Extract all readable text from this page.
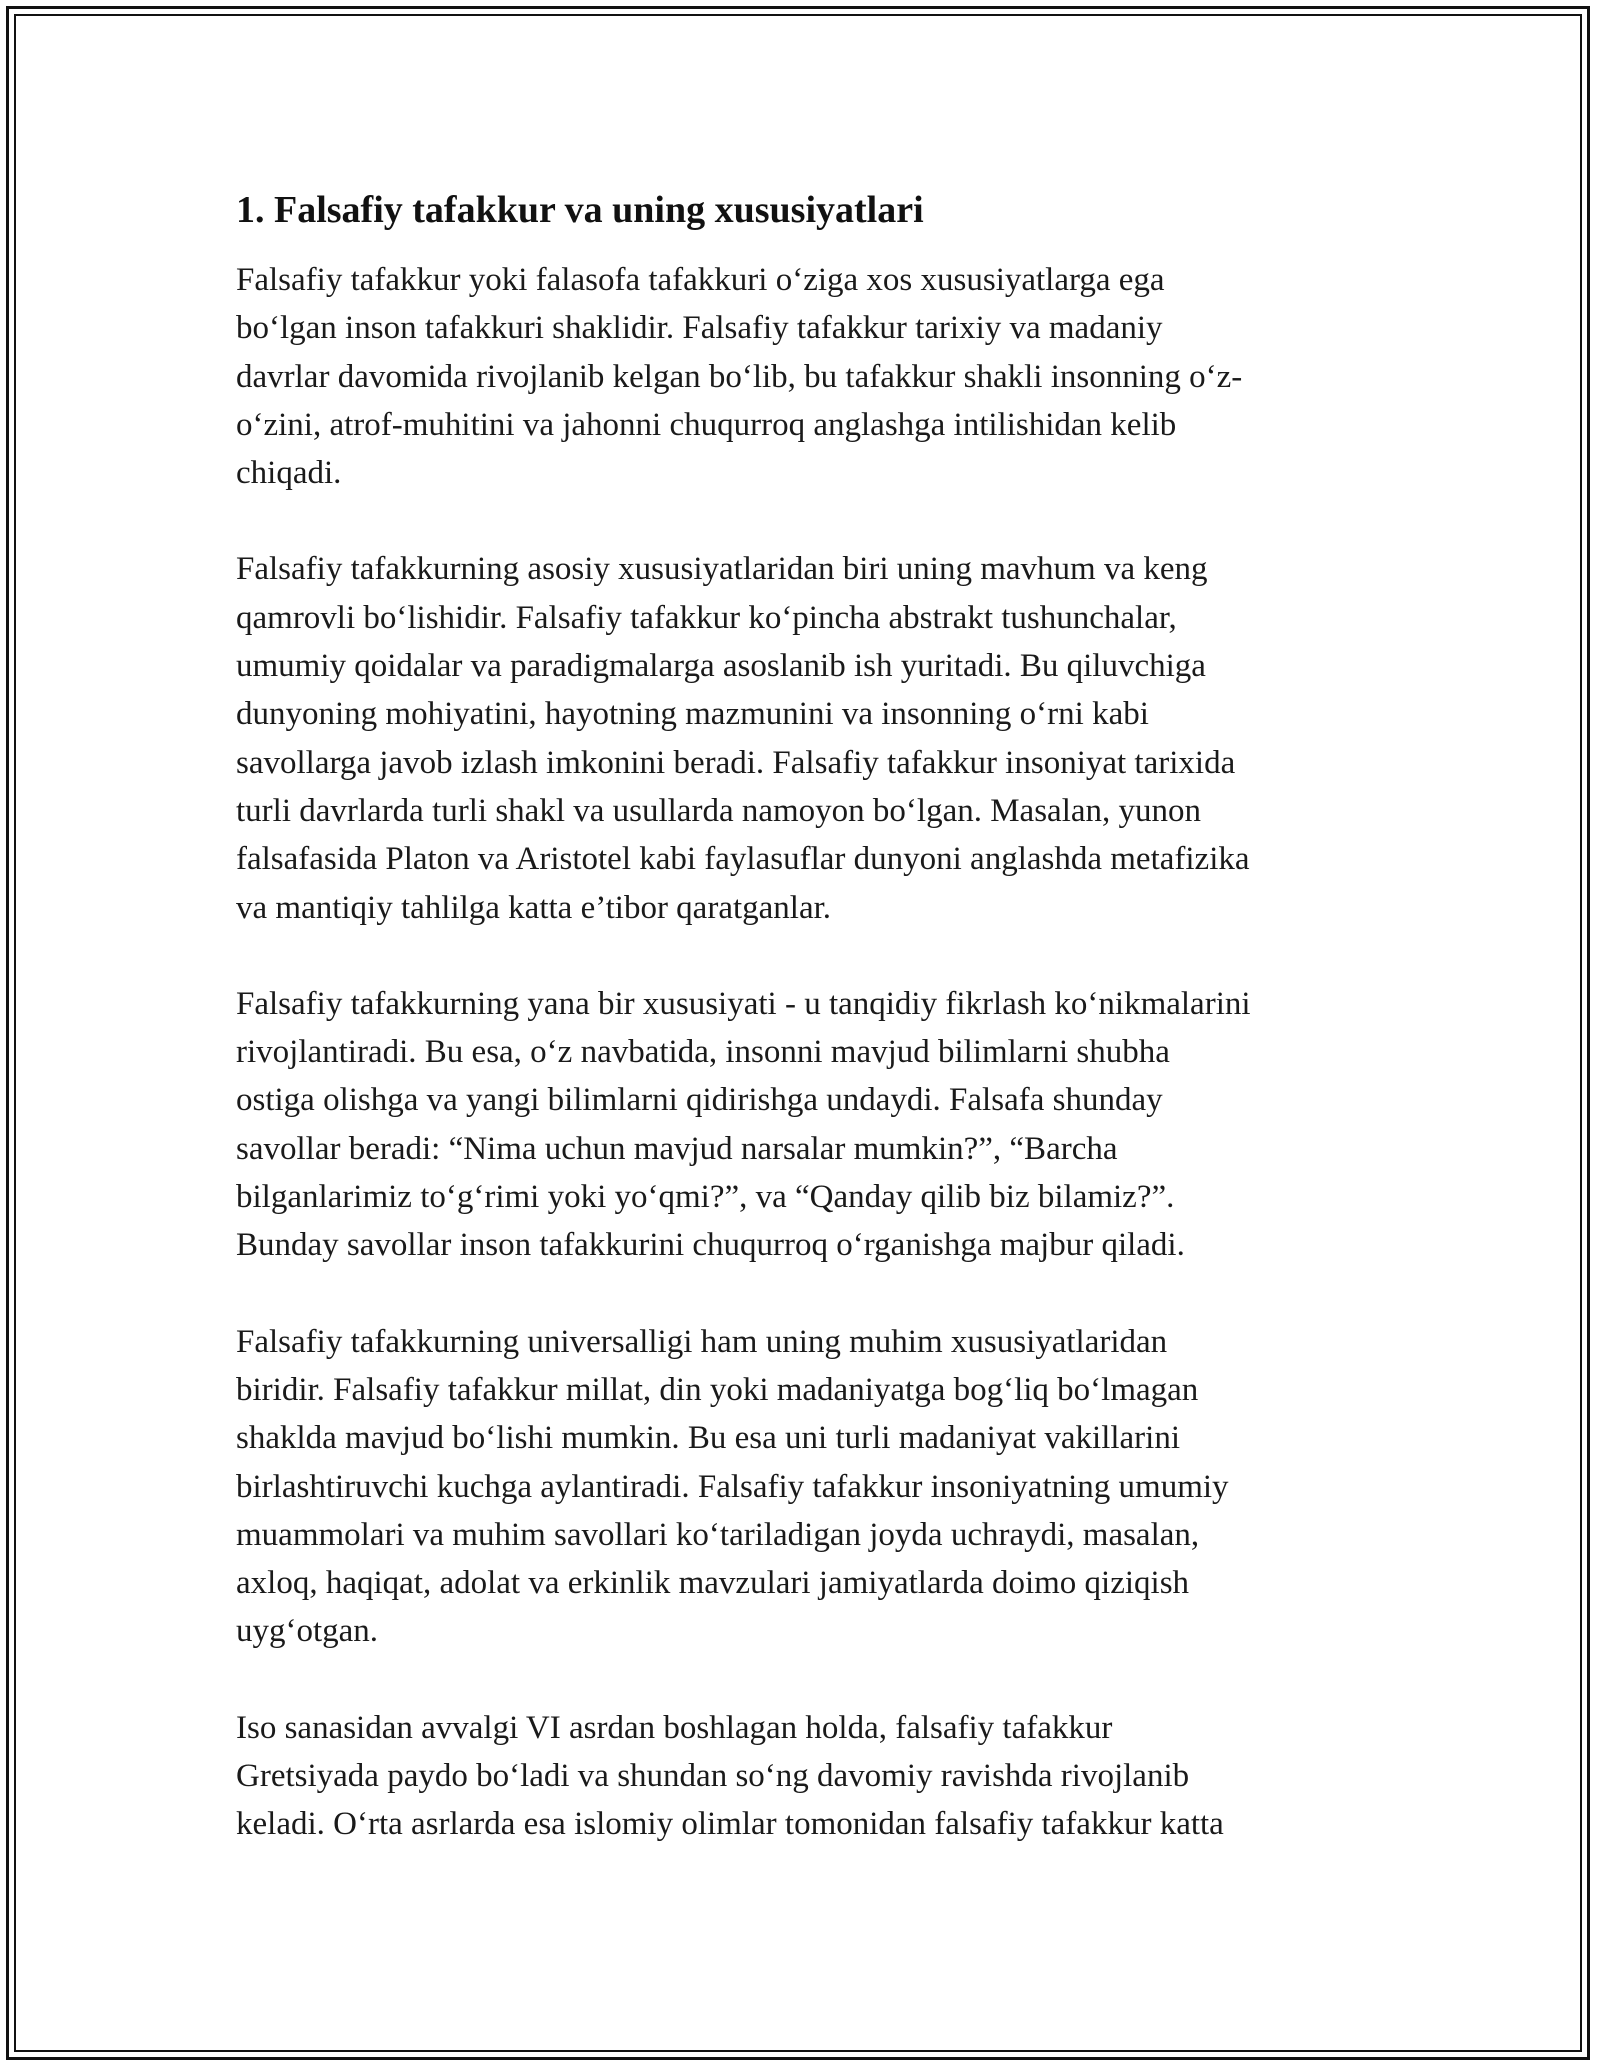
1. Falsafiy tafakkur va uning xususiyatlari

Falsafiy tafakkur yoki falasofa tafakkuri o‘ziga xos xususiyatlarga ega
bo‘lgan inson tafakkuri shaklidir. Falsafiy tafakkur tarixiy va madaniy
davrlar davomida rivojlanib kelgan bo‘lib, bu tafakkur shakli insonning o‘z-
o‘zini, atrof-muhitini va jahonni chuqurroq anglashga intilishidan kelib
chiqadi.

Falsafiy tafakkurning asosiy xususiyatlaridan biri uning mavhum va keng
qamrovli bo‘lishidir. Falsafiy tafakkur ko‘pincha abstrakt tushunchalar,
umumiy qoidalar va paradigmalarga asoslanib ish yuritadi. Bu qiluvchiga
dunyoning mohiyatini, hayotning mazmunini va insonning o‘rni kabi
savollarga javob izlash imkonini beradi. Falsafiy tafakkur insoniyat tarixida
turli davrlarda turli shakl va usullarda namoyon bo‘lgan. Masalan, yunon
falsafasida Platon va Aristotel kabi faylasuflar dunyoni anglashda metafizika
va mantiqiy tahlilga katta e’tibor qaratganlar.

Falsafiy tafakkurning yana bir xususiyati - u tanqidiy fikrlash ko‘nikmalarini
rivojlantiradi. Bu esa, o‘z navbatida, insonni mavjud bilimlarni shubha
ostiga olishga va yangi bilimlarni qidirishga undaydi. Falsafa shunday
savollar beradi: “Nima uchun mavjud narsalar mumkin?”, “Barcha
bilganlarimiz to‘g‘rimi yoki yo‘qmi?”, va “Qanday qilib biz bilamiz?”.
Bunday savollar inson tafakkurini chuqurroq o‘rganishga majbur qiladi.

Falsafiy tafakkurning universalligi ham uning muhim xususiyatlaridan
biridir. Falsafiy tafakkur millat, din yoki madaniyatga bog‘liq bo‘lmagan
shaklda mavjud bo‘lishi mumkin. Bu esa uni turli madaniyat vakillarini
birlashtiruvchi kuchga aylantiradi. Falsafiy tafakkur insoniyatning umumiy
muammolari va muhim savollari ko‘tariladigan joyda uchraydi, masalan,
axloq, haqiqat, adolat va erkinlik mavzulari jamiyatlarda doimo qiziqish
uyg‘otgan.

Iso sanasidan avvalgi VI asrdan boshlagan holda, falsafiy tafakkur
Gretsiyada paydo bo‘ladi va shundan so‘ng davomiy ravishda rivojlanib
keladi. O‘rta asrlarda esa islomiy olimlar tomonidan falsafiy tafakkur katta
